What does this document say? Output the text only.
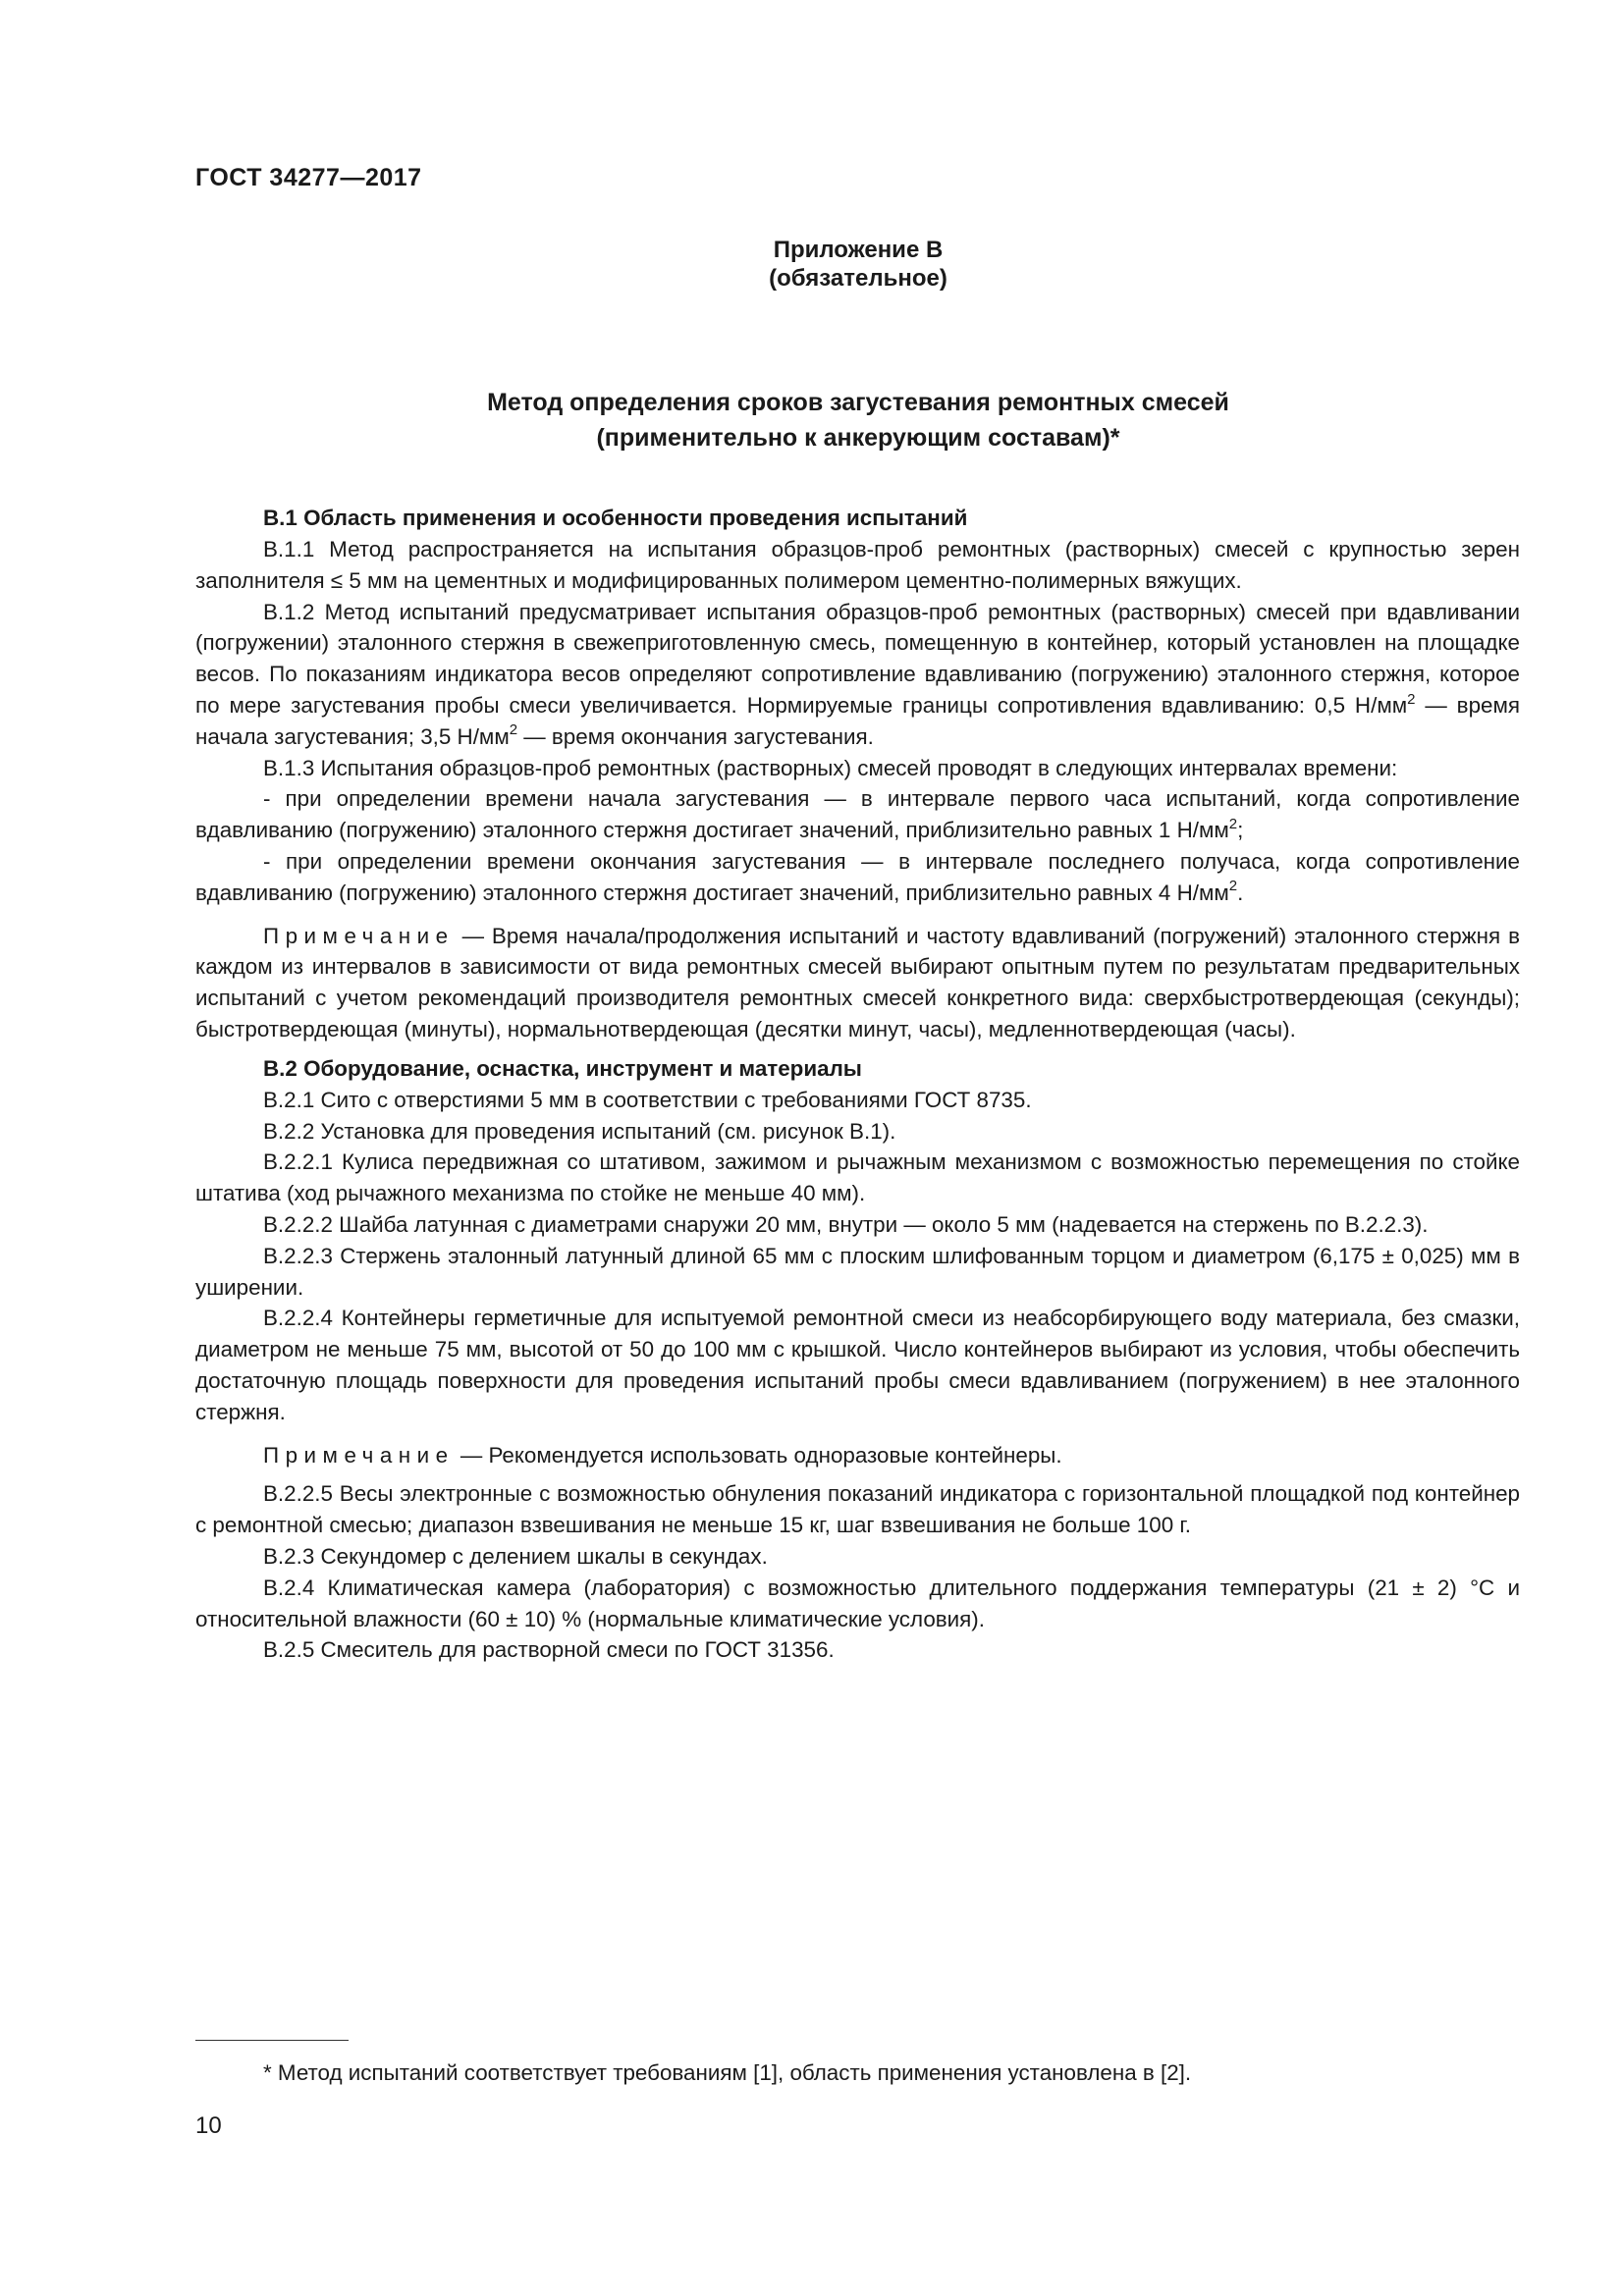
ГОСТ 34277—2017
Приложение В
(обязательное)
Метод определения сроков загустевания ремонтных смесей
(применительно к анкерующим составам)*

В.1 Область применения и особенности проведения испытаний

В.1.1 Метод распространяется на испытания образцов-проб ремонтных (растворных) смесей с крупностью зерен заполнителя ≤ 5 мм на цементных и модифицированных полимером цементно-полимерных вяжущих.

В.1.2 Метод испытаний предусматривает испытания образцов-проб ремонтных (растворных) смесей при вдавливании (погружении) эталонного стержня в свежеприготовленную смесь, помещенную в контейнер, который установлен на площадке весов. По показаниям индикатора весов определяют сопротивление вдавливанию (погружению) эталонного стержня, которое по мере загустевания пробы смеси увеличивается. Нормируемые границы сопротивления вдавливанию: 0,5 $Н/мм^2$ — время начала загустевания; 3,5 $Н/мм^2$ — время окончания загустевания.

В.1.3 Испытания образцов-проб ремонтных (растворных) смесей проводят в следующих интервалах времени:

- при определении времени начала загустевания — в интервале первого часа испытаний, когда сопротивление вдавливанию (погружению) эталонного стержня достигает значений, приблизительно равных 1 $Н/мм^2$;

- при определении времени окончания загустевания — в интервале последнего получаса, когда сопротивление вдавливанию (погружению) эталонного стержня достигает значений, приблизительно равных 4 $Н/мм^2$.

Примечание — Время начала/продолжения испытаний и частоту вдавливаний (погружений) эталонного стержня в каждом из интервалов в зависимости от вида ремонтных смесей выбирают опытным путем по результатам предварительных испытаний с учетом рекомендаций производителя ремонтных смесей конкретного вида: сверхбыстротвердеющая (секунды); быстротвердеющая (минуты), нормальнотвердеющая (десятки минут, часы), медленнотвердеющая (часы).

В.2 Оборудование, оснастка, инструмент и материалы

В.2.1 Сито с отверстиями 5 мм в соответствии с требованиями ГОСТ 8735.

В.2.2 Установка для проведения испытаний (см. рисунок В.1).

В.2.2.1 Кулиса передвижная со штативом, зажимом и рычажным механизмом с возможностью перемещения по стойке штатива (ход рычажного механизма по стойке не меньше 40 мм).

В.2.2.2 Шайба латунная с диаметрами снаружи 20 мм, внутри — около 5 мм (надевается на стержень по В.2.2.3).

В.2.2.3 Стержень эталонный латунный длиной 65 мм с плоским шлифованным торцом и диаметром (6,175 ± 0,025) мм в уширении.

В.2.2.4 Контейнеры герметичные для испытуемой ремонтной смеси из неабсорбирующего воду материала, без смазки, диаметром не меньше 75 мм, высотой от 50 до 100 мм с крышкой. Число контейнеров выбирают из условия, чтобы обеспечить достаточную площадь поверхности для проведения испытаний пробы смеси вдавливанием (погружением) в нее эталонного стержня.

Примечание — Рекомендуется использовать одноразовые контейнеры.

В.2.2.5 Весы электронные с возможностью обнуления показаний индикатора с горизонтальной площадкой под контейнер с ремонтной смесью; диапазон взвешивания не меньше 15 кг, шаг взвешивания не больше 100 г.

В.2.3 Секундомер с делением шкалы в секундах.

В.2.4 Климатическая камера (лаборатория) с возможностью длительного поддержания температуры (21 ± 2) °С и относительной влажности (60 ± 10) % (нормальные климатические условия).

В.2.5 Смеситель для растворной смеси по ГОСТ 31356.

* Метод испытаний соответствует требованиям [1], область применения установлена в [2].
10
